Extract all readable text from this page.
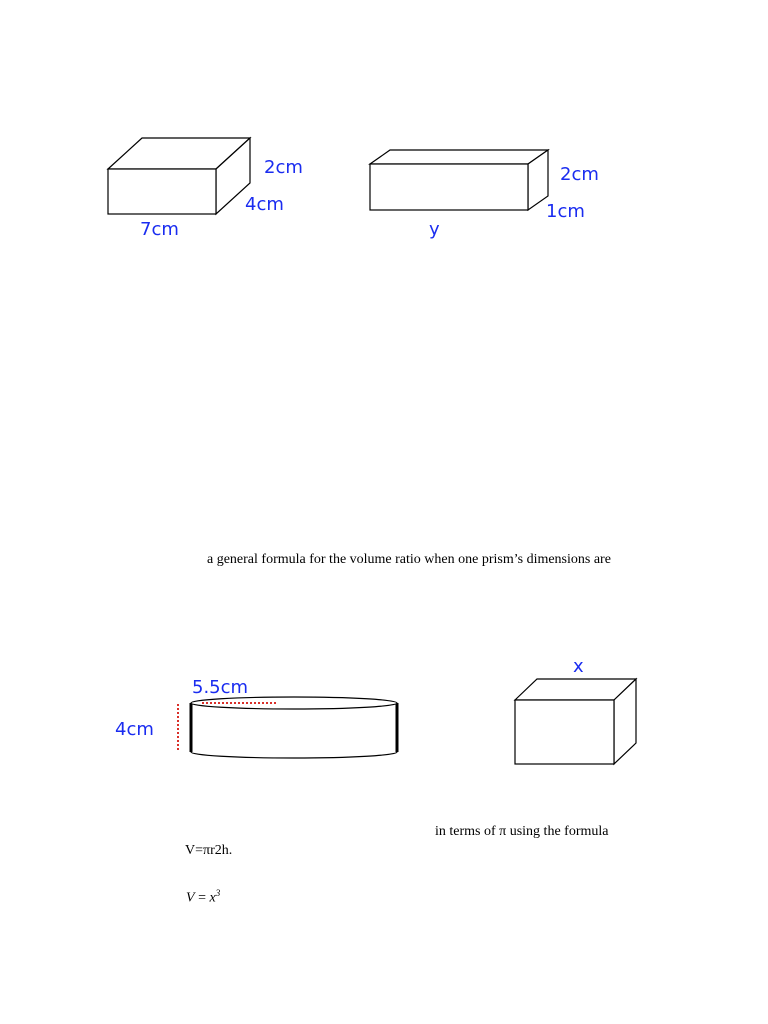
2cm
4cm
7cm
2cm
1cm
y
a general formula for the volume ratio when one prism’s dimensions are
5.5cm
4cm
x
in terms of π using the formula
V=πr2h.
$V = x^3$
